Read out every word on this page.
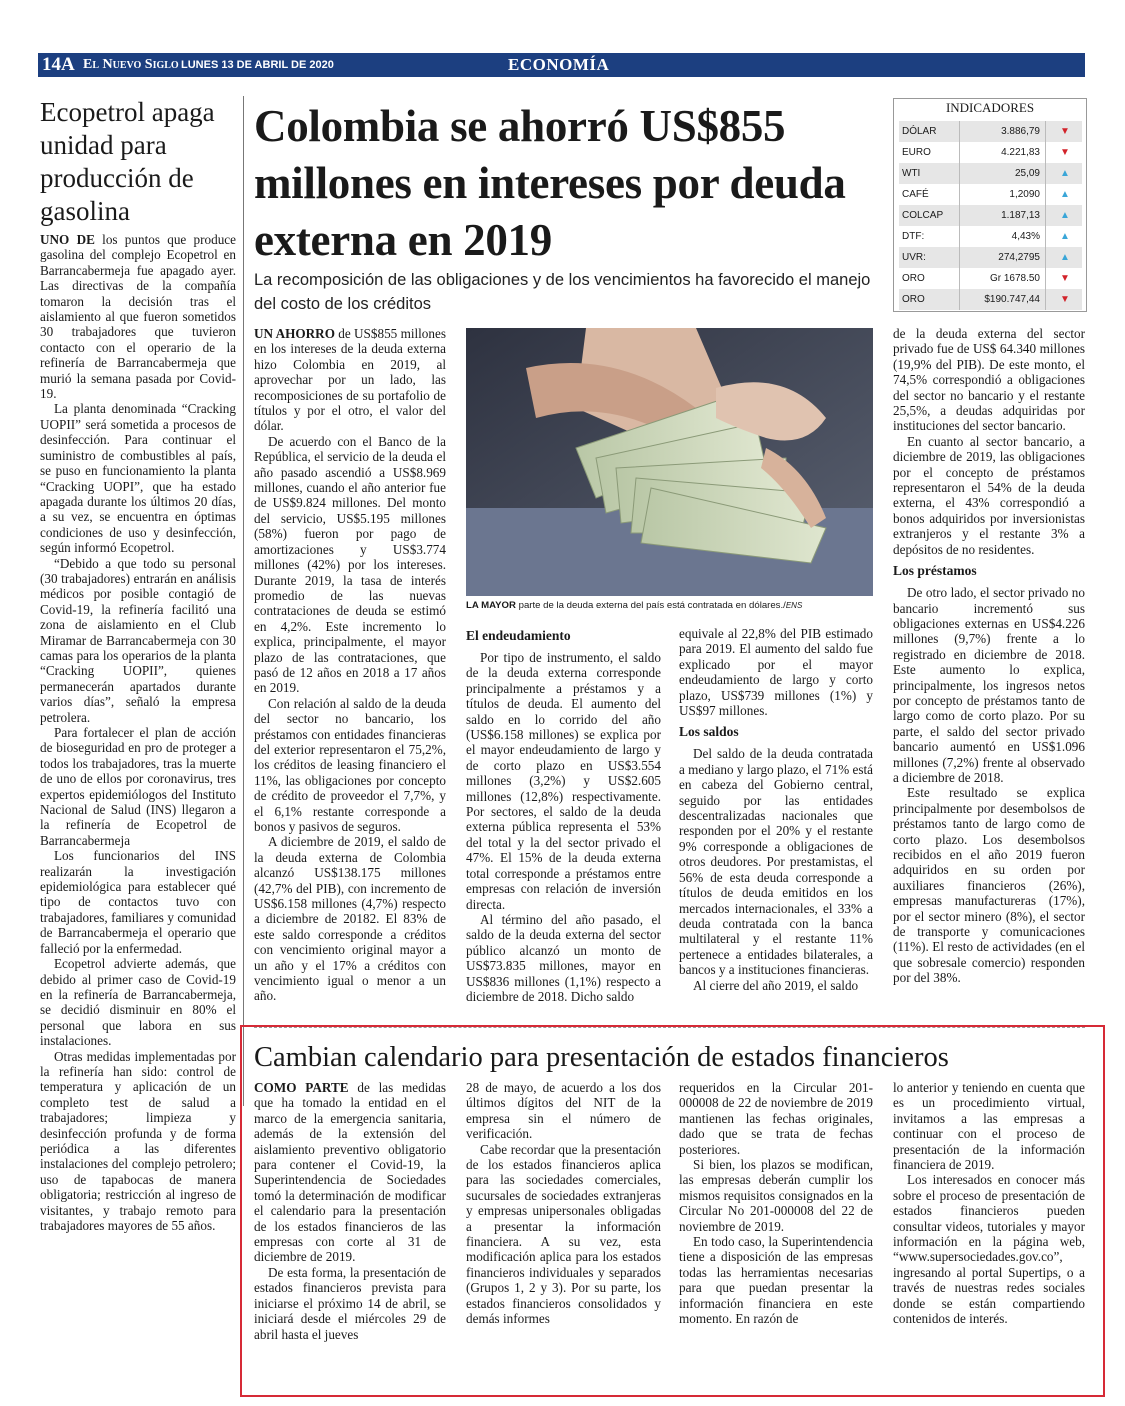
14A El Nuevo Siglo LUNES 13 DE ABRIL DE 2020	ECONOMÍA
Ecopetrol apaga unidad para producción de gasolina

UNO DE los puntos que produce gasolina del complejo Ecopetrol en Barrancabermeja fue apagado ayer. Las directivas de la compañía tomaron la decisión tras el aislamiento al que fueron sometidos 30 trabajadores que tuvieron contacto con el operario de la refinería de Barrancabermeja que murió la semana pasada por Covid-19.

La planta denominada “Cracking UOPII” será sometida a procesos de desinfección. Para continuar el suministro de combustibles al país, se puso en funcionamiento la planta “Cracking UOPI”, que ha estado apagada durante los últimos 20 días, a su vez, se encuentra en óptimas condiciones de uso y desinfección, según informó Ecopetrol.

“Debido a que todo su personal (30 trabajadores) entrarán en análisis médicos por posible contagió de Covid-19, la refinería facilitó una zona de aislamiento en el Club Miramar de Barrancabermeja con 30 camas para los operarios de la planta “Cracking UOPII”, quienes permanecerán apartados durante varios días”, señaló la empresa petrolera.

Para fortalecer el plan de acción de bioseguridad en pro de proteger a todos los trabajadores, tras la muerte de uno de ellos por coronavirus, tres expertos epidemiólogos del Instituto Nacional de Salud (INS) llegaron a la refinería de Ecopetrol de Barrancabermeja

Los funcionarios del INS realizarán la investigación epidemiológica para establecer qué tipo de contactos tuvo con trabajadores, familiares y comunidad de Barrancabermeja el operario que falleció por la enfermedad.

Ecopetrol advierte además, que debido al primer caso de Covid-19 en la refinería de Barrancabermeja, se decidió disminuir en 80% el personal que labora en sus instalaciones.

Otras medidas implementadas por la refinería han sido: control de temperatura y aplicación de un completo test de salud a trabajadores; limpieza y desinfección profunda y de forma periódica a las diferentes instalaciones del complejo petrolero; uso de tapabocas de manera obligatoria; restricción al ingreso de visitantes, y trabajo remoto para trabajadores mayores de 55 años.

Colombia se ahorró US$855 millones en intereses por deuda externa en 2019
La recomposición de las obligaciones y de los vencimientos ha favorecido el manejo del costo de los créditos

UN AHORRO de US$855 millones en los intereses de la deuda externa hizo Colombia en 2019, al aprovechar por un lado, las recomposiciones de su portafolio de títulos y por el otro, el valor del dólar.

De acuerdo con el Banco de la República, el servicio de la deuda el año pasado ascendió a US$8.969 millones, cuando el año anterior fue de US$9.824 millones. Del monto del servicio, US$5.195 millones (58%) fueron por pago de amortizaciones y US$3.774 millones (42%) por los intereses. Durante 2019, la tasa de interés promedio de las nuevas contrataciones de deuda se estimó en 4,2%. Este incremento lo explica, principalmente, el mayor plazo de las contrataciones, que pasó de 12 años en 2018 a 17 años en 2019.

Con relación al saldo de la deuda del sector no bancario, los préstamos con entidades financieras del exterior representaron el 75,2%, los créditos de leasing financiero el 11%, las obligaciones por concepto de crédito de proveedor el 7,7%, y el 6,1% restante corresponde a bonos y pasivos de seguros.

A diciembre de 2019, el saldo de la deuda externa de Colombia alcanzó US$138.175 millones (42,7% del PIB), con incremento de US$6.158 millones (4,7%) respecto a diciembre de 20182. El 83% de este saldo corresponde a créditos con vencimiento original mayor a un año y el 17% a créditos con vencimiento igual o menor a un año.

LA MAYOR parte de la deuda externa del país está contratada en dólares./ENS
El endeudamiento

Por tipo de instrumento, el saldo de la deuda externa corresponde principalmente a préstamos y a títulos de deuda. El aumento del saldo en lo corrido del año (US$6.158 millones) se explica por el mayor endeudamiento de largo y de corto plazo en US$3.554 millones (3,2%) y US$2.605 millones (12,8%) respectivamente. Por sectores, el saldo de la deuda externa pública representa el 53% del total y la del sector privado el 47%. El 15% de la deuda externa total corresponde a préstamos entre empresas con relación de inversión directa.

Al término del año pasado, el saldo de la deuda externa del sector público alcanzó un monto de US$73.835 millones, mayor en US$836 millones (1,1%) respecto a diciembre de 2018. Dicho saldo

equivale al 22,8% del PIB estimado para 2019. El aumento del saldo fue explicado por el mayor endeudamiento de largo y corto plazo, US$739 millones (1%) y US$97 millones.

Los saldos

Del saldo de la deuda contratada a mediano y largo plazo, el 71% está en cabeza del Gobierno central, seguido por las entidades descentralizadas nacionales que responden por el 20% y el restante 9% corresponde a obligaciones de otros deudores. Por prestamistas, el 56% de esta deuda corresponde a títulos de deuda emitidos en los mercados internacionales, el 33% a deuda contratada con la banca multilateral y el restante 11% pertenece a entidades bilaterales, a bancos y a instituciones financieras.

Al cierre del año 2019, el saldo

de la deuda externa del sector privado fue de US$ 64.340 millones (19,9% del PIB). De este monto, el 74,5% correspondió a obligaciones del sector no bancario y el restante 25,5%, a deudas adquiridas por instituciones del sector bancario.

En cuanto al sector bancario, a diciembre de 2019, las obligaciones por el concepto de préstamos representaron el 54% de la deuda externa, el 43% correspondió a bonos adquiridos por inversionistas extranjeros y el restante 3% a depósitos de no residentes.

Los préstamos

De otro lado, el sector privado no bancario incrementó sus obligaciones externas en US$4.226 millones (9,7%) frente a lo registrado en diciembre de 2018. Este aumento lo explica, principalmente, los ingresos netos por concepto de préstamos tanto de largo como de corto plazo. Por su parte, el saldo del sector privado bancario aumentó en US$1.096 millones (7,2%) frente al observado a diciembre de 2018.

Este resultado se explica principalmente por desembolsos de préstamos tanto de largo como de corto plazo. Los desembolsos recibidos en el año 2019 fueron adquiridos en su orden por auxiliares financieros (26%), empresas manufactureras (17%), por el sector minero (8%), el sector de transporte y comunicaciones (11%). El resto de actividades (en el que sobresale comercio) responden por del 38%.

INDICADORES
DÓLAR	3.886,79 ▼
EURO	4.221,83 ▼
WTI	25,09 ▲
CAFÉ	1,2090 ▲
COLCAP	1.187,13 ▲
DTF:	4,43% ▲
UVR:	274,2795 ▲
ORO	Gr 1678.50 ▼
ORO	$190.747,44 ▼
Cambian calendario para presentación de estados financieros

COMO PARTE de las medidas que ha tomado la entidad en el marco de la emergencia sanitaria, además de la extensión del aislamiento preventivo obligatorio para contener el Covid-19, la Superintendencia de Sociedades tomó la determinación de modificar el calendario para la presentación de los estados financieros de las empresas con corte al 31 de diciembre de 2019.

De esta forma, la presentación de estados financieros prevista para iniciarse el próximo 14 de abril, se iniciará desde el miércoles 29 de abril hasta el jueves

28 de mayo, de acuerdo a los dos últimos dígitos del NIT de la empresa sin el número de verificación.

Cabe recordar que la presentación de los estados financieros aplica para las sociedades comerciales, sucursales de sociedades extranjeras y empresas unipersonales obligadas a presentar la información financiera. A su vez, esta modificación aplica para los estados financieros individuales y separados (Grupos 1, 2 y 3). Por su parte, los estados financieros consolidados y demás informes

requeridos en la Circular 201-000008 de 22 de noviembre de 2019 mantienen las fechas originales, dado que se trata de fechas posteriores.

Si bien, los plazos se modifican, las empresas deberán cumplir los mismos requisitos consignados en la Circular No 201-000008 del 22 de noviembre de 2019.

En todo caso, la Superintendencia tiene a disposición de las empresas todas las herramientas necesarias para que puedan presentar la información financiera en este momento. En razón de

lo anterior y teniendo en cuenta que es un procedimiento virtual, invitamos a las empresas a continuar con el proceso de presentación de la información financiera de 2019.

Los interesados en conocer más sobre el proceso de presentación de estados financieros pueden consultar videos, tutoriales y mayor información en la página web, “www.supersociedades.gov.co”, ingresando al portal Supertips, o a través de nuestras redes sociales donde se están compartiendo contenidos de interés.
